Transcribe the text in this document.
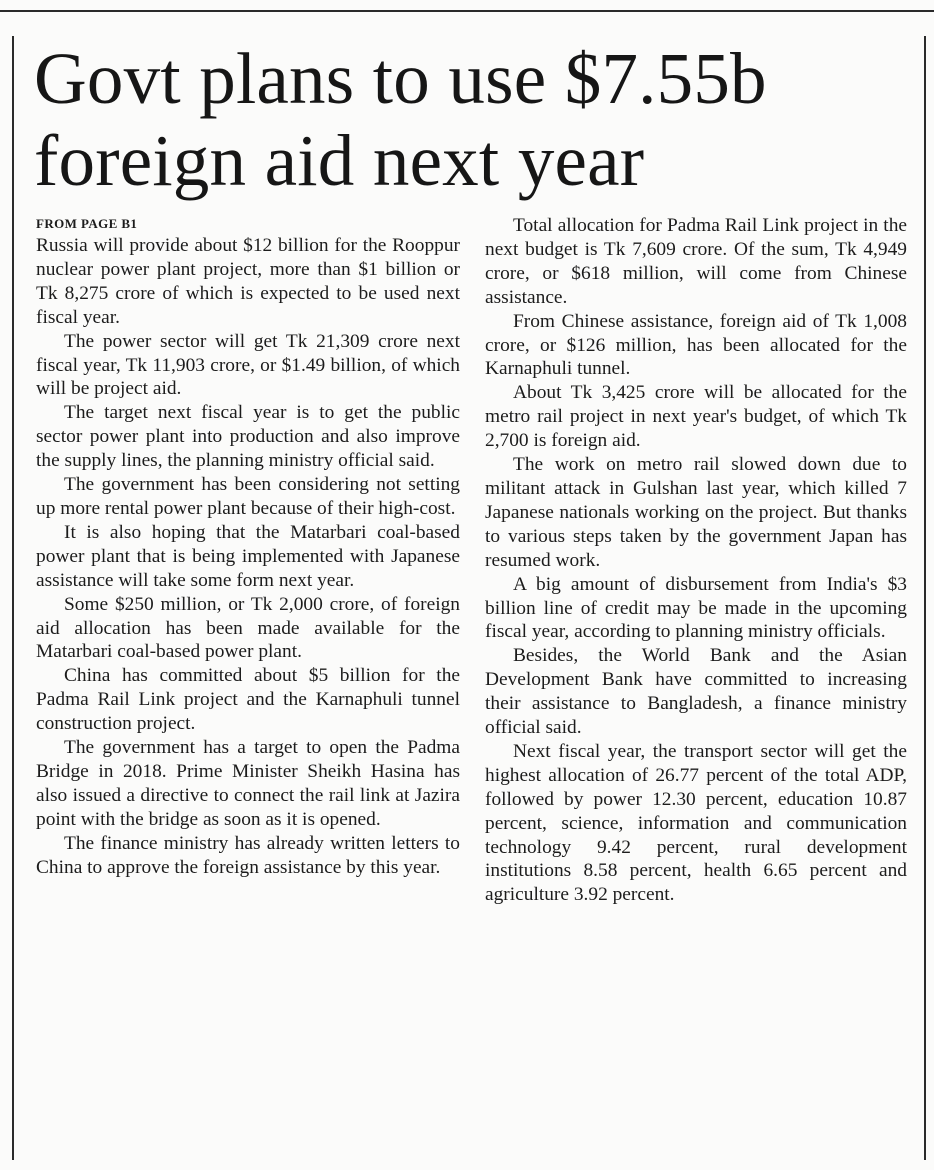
Govt plans to use $7.55b
foreign aid next year
FROM PAGE B1

Russia will provide about $12 billion for the Rooppur nuclear power plant project, more than $1 billion or Tk 8,275 crore of which is expected to be used next fiscal year.

The power sector will get Tk 21,309 crore next fiscal year, Tk 11,903 crore, or $1.49 billion, of which will be project aid.

The target next fiscal year is to get the public sector power plant into production and also improve the supply lines, the planning ministry official said.

The government has been considering not setting up more rental power plant because of their high-cost.

It is also hoping that the Matarbari coal-based power plant that is being implemented with Japanese assistance will take some form next year.

Some $250 million, or Tk 2,000 crore, of foreign aid allocation has been made available for the Matarbari coal-based power plant.

China has committed about $5 billion for the Padma Rail Link project and the Karnaphuli tunnel construction project.

The government has a target to open the Padma Bridge in 2018. Prime Minister Sheikh Hasina has also issued a directive to connect the rail link at Jazira point with the bridge as soon as it is opened.

The finance ministry has already written letters to China to approve the foreign assistance by this year.

Total allocation for Padma Rail Link project in the next budget is Tk 7,609 crore. Of the sum, Tk 4,949 crore, or $618 million, will come from Chinese assistance.

From Chinese assistance, foreign aid of Tk 1,008 crore, or $126 million, has been allocated for the Karnaphuli tunnel.

About Tk 3,425 crore will be allocated for the metro rail project in next year's budget, of which Tk 2,700 is foreign aid.

The work on metro rail slowed down due to militant attack in Gulshan last year, which killed 7 Japanese nationals working on the project. But thanks to various steps taken by the government Japan has resumed work.

A big amount of disbursement from India's $3 billion line of credit may be made in the upcoming fiscal year, according to planning ministry officials.

Besides, the World Bank and the Asian Development Bank have committed to increasing their assistance to Bangladesh, a finance ministry official said.

Next fiscal year, the transport sector will get the highest allocation of 26.77 percent of the total ADP, followed by power 12.30 percent, education 10.87 percent, science, information and communication technology 9.42 percent, rural development institutions 8.58 percent, health 6.65 percent and agriculture 3.92 percent.
